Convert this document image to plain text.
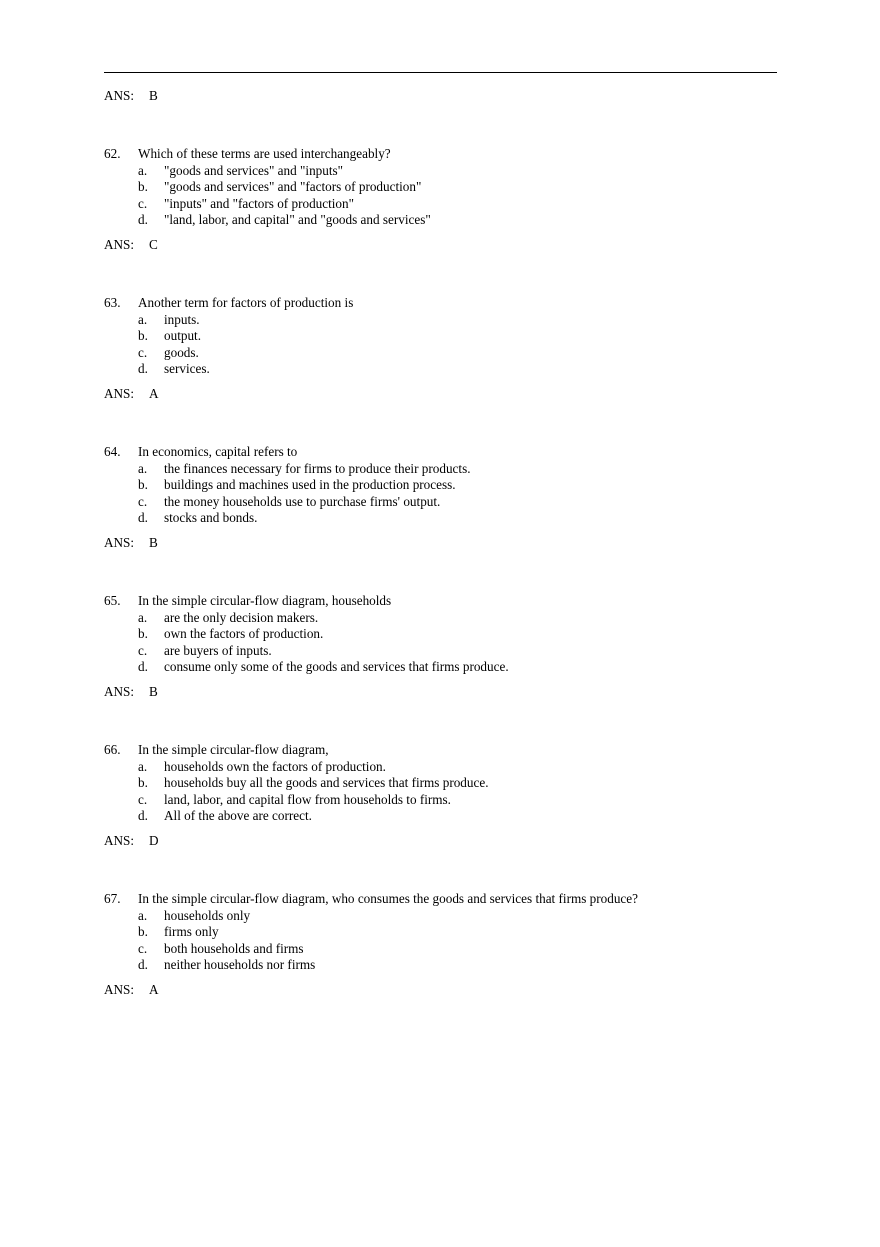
ANS: B
62.	Which of these terms are used interchangeably?
a.	"goods and services" and "inputs"
b.	"goods and services" and "factors of production"
c.	"inputs" and "factors of production"
d.	"land, labor, and capital" and "goods and services"
ANS: C
63.	Another term for factors of production is
a.	inputs.
b.	output.
c.	goods.
d.	services.
ANS: A
64.	In economics, capital refers to
a.	the finances necessary for firms to produce their products.
b.	buildings and machines used in the production process.
c.	the money households use to purchase firms' output.
d.	stocks and bonds.
ANS: B
65.	In the simple circular-flow diagram, households
a.	are the only decision makers.
b.	own the factors of production.
c.	are buyers of inputs.
d.	consume only some of the goods and services that firms produce.
ANS: B
66.	In the simple circular-flow diagram,
a.	households own the factors of production.
b.	households buy all the goods and services that firms produce.
c.	land, labor, and capital flow from households to firms.
d.	All of the above are correct.
ANS: D
67.	In the simple circular-flow diagram, who consumes the goods and services that firms produce?
a.	households only
b.	firms only
c.	both households and firms
d.	neither households nor firms
ANS: A
